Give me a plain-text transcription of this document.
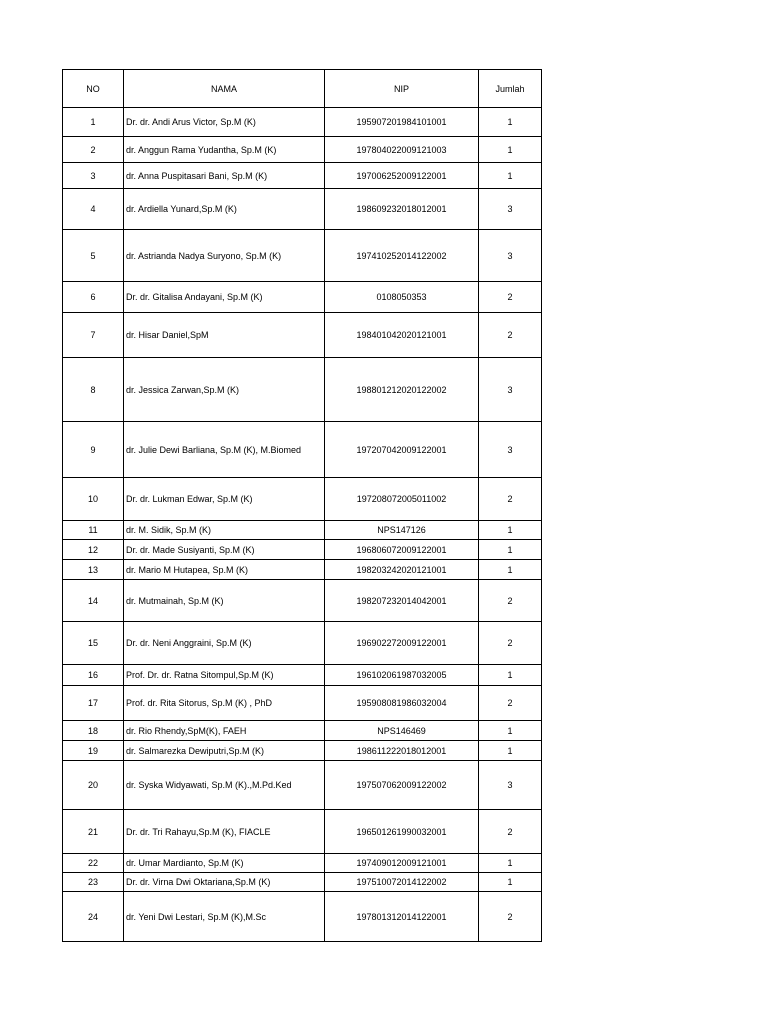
NO	NAMA	NIP	Jumlah
1	Dr. dr. Andi Arus Victor, Sp.M (K)	195907201984101001	1
2	dr. Anggun Rama Yudantha, Sp.M (K)	197804022009121003	1
3	dr. Anna Puspitasari Bani, Sp.M (K)	197006252009122001	1
4	dr. Ardiella Yunard,Sp.M (K)	198609232018012001	3
5	dr. Astrianda Nadya Suryono, Sp.M (K)	197410252014122002	3
6	Dr. dr. Gitalisa Andayani, Sp.M (K)	0108050353	2
7	dr. Hisar Daniel,SpM	198401042020121001	2
8	dr. Jessica Zarwan,Sp.M (K)	198801212020122002	3
9	dr. Julie Dewi Barliana, Sp.M (K), M.Biomed	197207042009122001	3
10	Dr. dr. Lukman Edwar, Sp.M (K)	197208072005011002	2
11	dr. M. Sidik, Sp.M (K)	NPS147126	1
12	Dr. dr. Made Susiyanti, Sp.M (K)	196806072009122001	1
13	dr. Mario M Hutapea, Sp.M (K)	198203242020121001	1
14	dr. Mutmainah, Sp.M (K)	198207232014042001	2
15	Dr. dr. Neni Anggraini, Sp.M (K)	196902272009122001	2
16	Prof. Dr. dr. Ratna Sitompul,Sp.M (K)	196102061987032005	1
17	Prof. dr. Rita Sitorus, Sp.M (K) , PhD	195908081986032004	2
18	dr. Rio Rhendy,SpM(K), FAEH	NPS146469	1
19	dr. Salmarezka Dewiputri,Sp.M (K)	198611222018012001	1
20	dr. Syska Widyawati, Sp.M (K).,M.Pd.Ked	197507062009122002	3
21	Dr. dr. Tri Rahayu,Sp.M (K), FIACLE	196501261990032001	2
22	dr. Umar Mardianto, Sp.M (K)	197409012009121001	1
23	Dr. dr. Virna Dwi Oktariana,Sp.M (K)	197510072014122002	1
24	dr. Yeni Dwi Lestari, Sp.M (K),M.Sc	197801312014122001	2
